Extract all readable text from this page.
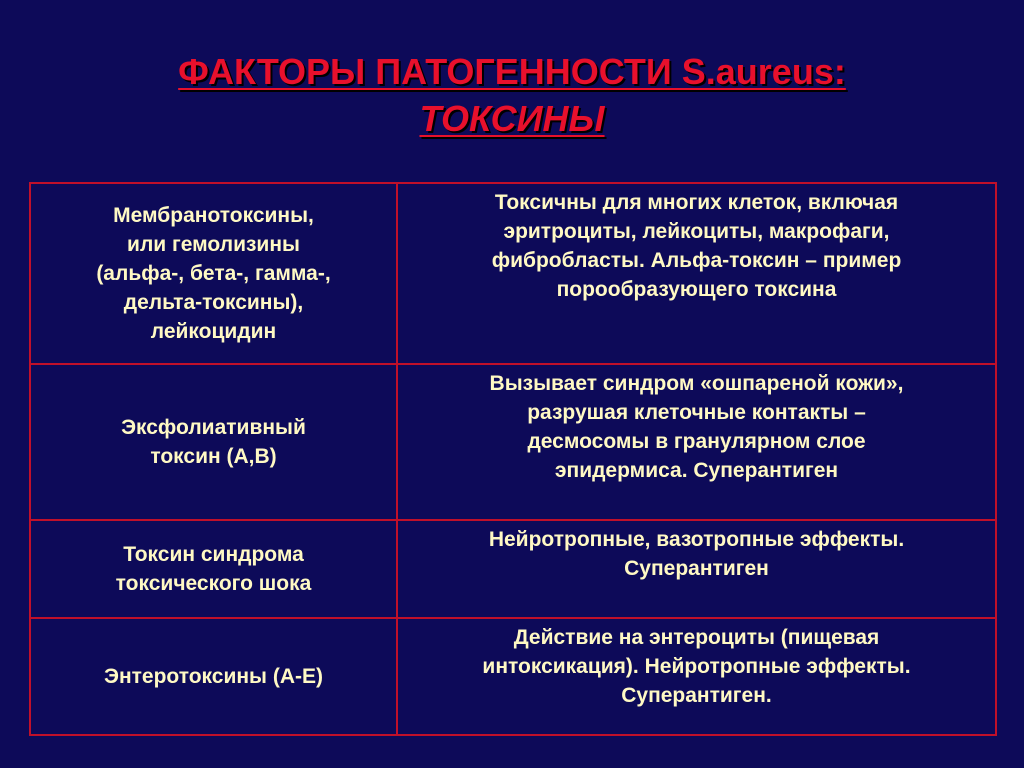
ФАКТОРЫ ПАТОГЕННОСТИ S.aureus:
ТОКСИНЫ
Мембранотоксины,
или гемолизины
(альфа-, бета-, гамма-,
дельта-токсины),
лейкоцидин	Токсичны для многих клеток, включая
эритроциты, лейкоциты, макрофаги,
фибробласты. Альфа-токсин – пример
порообразующего токсина

Эксфолиативный
токсин (А,В)	Вызывает синдром «ошпареной кожи»,
разрушая клеточные контакты –
десмосомы в гранулярном слое
эпидермиса. Суперантиген

Токсин синдрома
токсического шока	Нейротропные, вазотропные эффекты.
Суперантиген

Энтеротоксины (А-Е)	Действие на энтероциты (пищевая
интоксикация). Нейротропные эффекты.
Суперантиген.
